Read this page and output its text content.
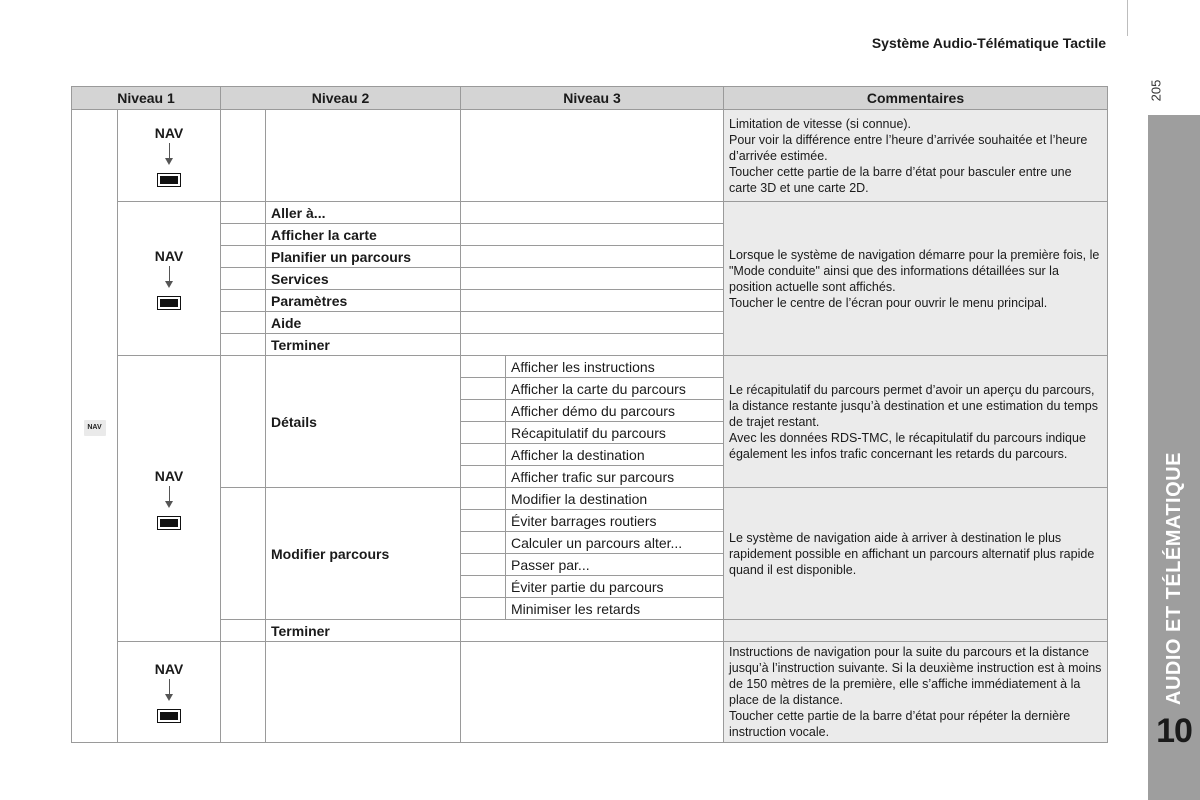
Système Audio-Télématique Tactile
205
AUDIO ET TÉLÉMATIQUE
10
Niveau 1		Niveau 2		Niveau 3		Commentaires
NAV	NAV					Limitation de vitesse (si connue).
Pour voir la différence entre l’heure d’arrivée souhaitée et l’heure d’arrivée estimée.
Toucher cette partie de la barre d’état pour basculer entre une carte 3D et une carte 2D.

	NAV		Aller à...			Lorsque le système de navigation démarre pour la première fois, le "Mode conduite" ainsi que des informations détaillées sur la position actuelle sont affichés.
Toucher le centre de l’écran pour ouvrir le menu principal.

			Afficher la carte			
			Planifier un parcours			
			Services			
			Paramètres			
			Aide			
			Terminer			

	NAV		Détails		Afficher les instructions	Le récapitulatif du parcours permet d’avoir un aperçu du parcours, la distance restante jusqu’à destination et une estimation du temps de trajet restant.
Avec les données RDS-TMC, le récapitulatif du parcours indique également les infos trafic concernant les retards du parcours.

					Afficher la carte du parcours	
					Afficher démo du parcours	
					Récapitulatif du parcours	
					Afficher la destination	
					Afficher trafic sur parcours	
			Modifier parcours		Modifier la destination	Le système de navigation aide à arriver à destination le plus rapidement possible en affichant un parcours alternatif plus rapide quand il est disponible.

					Éviter barrages routiers	
					Calculer un parcours alter...	
					Passer par...	
					Éviter partie du parcours	
					Minimiser les retards	
			Terminer			

	NAV					Instructions de navigation pour la suite du parcours et la distance jusqu’à l’instruction suivante. Si la deuxième instruction est à moins de 150 mètres de la première, elle s’affiche immédiatement à la place de la distance.
Toucher cette partie de la barre d’état pour répéter la dernière instruction vocale.
